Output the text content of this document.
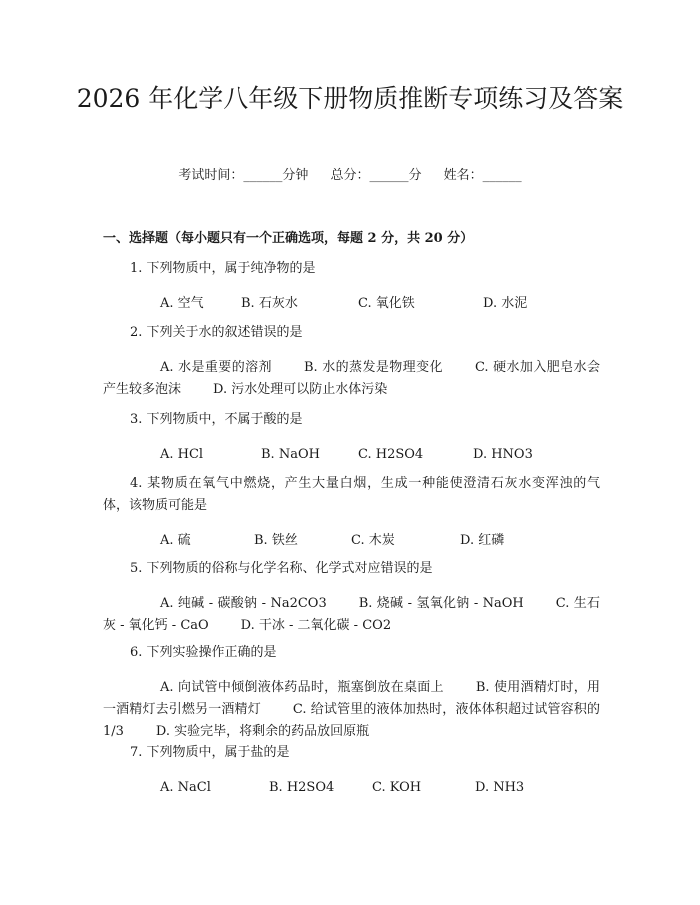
2026 年化学八年级下册物质推断专项练习及答案
考试时间：______分钟 总分：______分 姓名：______
一、选择题（每小题只有一个正确选项，每题 2 分，共 20 分）
1. 下列物质中，属于纯净物的是
A. 空气	B. 石灰水	C. 氧化铁	D. 水泥
2. 下列关于水的叙述错误的是
A. 水是重要的溶剂 B. 水的蒸发是物理变化 C. 硬水加入肥皂水会产生较多泡沫 D. 污水处理可以防止水体污染
3. 下列物质中，不属于酸的是
A. HCl	B. NaOH	C. H2SO4	D. HNO3
4. 某物质在氧气中燃烧，产生大量白烟，生成一种能使澄清石灰水变浑浊的气体，该物质可能是
A. 硫	B. 铁丝	C. 木炭	D. 红磷
5. 下列物质的俗称与化学名称、化学式对应错误的是
A. 纯碱 - 碳酸钠 - Na2CO3 B. 烧碱 - 氢氧化钠 - NaOH C. 生石灰 - 氧化钙 - CaO D. 干冰 - 二氧化碳 - CO2
6. 下列实验操作正确的是
A. 向试管中倾倒液体药品时，瓶塞倒放在桌面上 B. 使用酒精灯时，用一酒精灯去引燃另一酒精灯 C. 给试管里的液体加热时，液体体积超过试管容积的 1/3 D. 实验完毕，将剩余的药品放回原瓶
7. 下列物质中，属于盐的是
A. NaCl	B. H2SO4	C. KOH	D. NH3
